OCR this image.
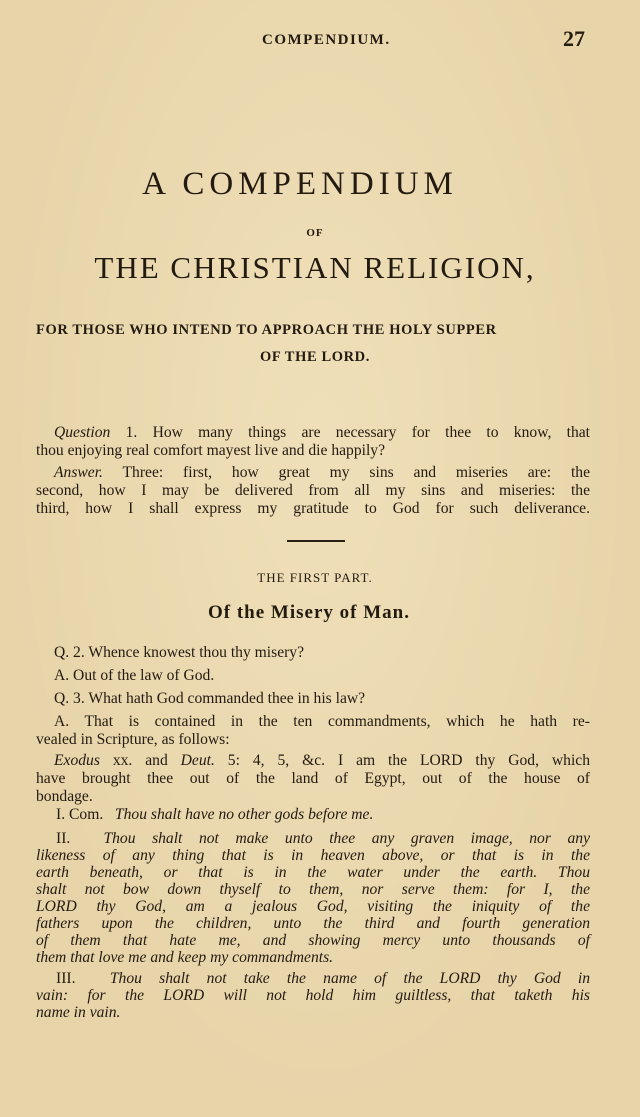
COMPENDIUM.	27
A COMPENDIUM
OF
THE CHRISTIAN RELIGION,
FOR THOSE WHO INTEND TO APPROACH THE HOLY SUPPER
OF THE LORD.
Question 1. How many things are necessary for thee to know, that
thou enjoying real comfort mayest live and die happily?
Answer. Three: first, how great my sins and miseries are: the
second, how I may be delivered from all my sins and miseries: the
third, how I shall express my gratitude to God for such deliverance.
THE FIRST PART.
Of the Misery of Man.
Q. 2. Whence knowest thou thy misery?
A. Out of the law of God.
Q. 3. What hath God commanded thee in his law?
A. That is contained in the ten commandments, which he hath re-
vealed in Scripture, as follows:
Exodus xx. and Deut. 5: 4, 5, &c. I am the LORD thy God, which
have brought thee out of the land of Egypt, out of the house of
bondage.
I. Com. Thou shalt have no other gods before me.
II. Thou shalt not make unto thee any graven image, nor any
likeness of any thing that is in heaven above, or that is in the
earth beneath, or that is in the water under the earth. Thou
shalt not bow down thyself to them, nor serve them: for I, the
LORD thy God, am a jealous God, visiting the iniquity of the
fathers upon the children, unto the third and fourth generation
of them that hate me, and showing mercy unto thousands of
them that love me and keep my commandments.
III. Thou shalt not take the name of the LORD thy God in
vain: for the LORD will not hold him guiltless, that taketh his
name in vain.
